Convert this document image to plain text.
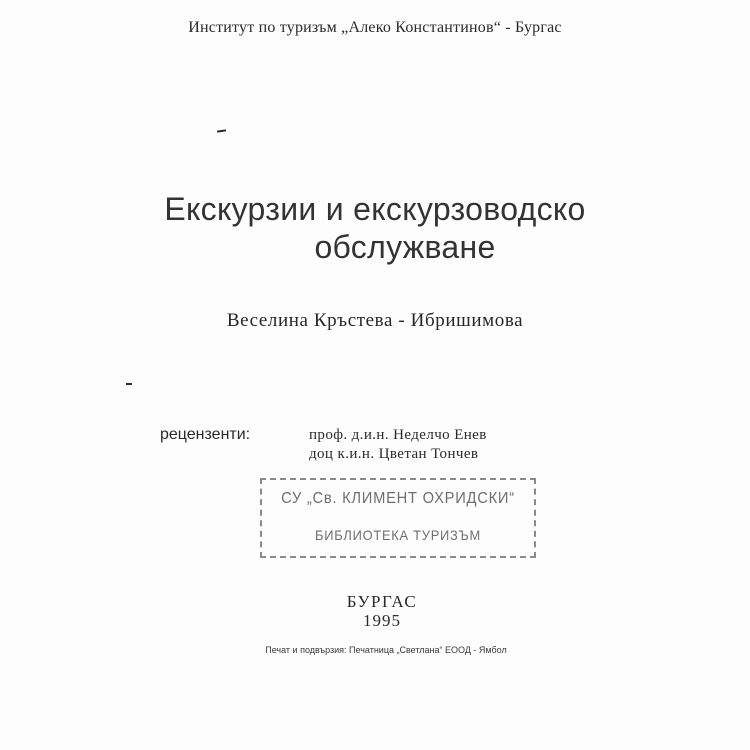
Институт по туризъм „Алеко Константинов“ - Бургас
Екскурзии и екскурзоводско
обслужване
Веселина Кръстева - Ибришимова
рецензенти:	проф. д.и.н. Неделчо Енев
доц к.и.н. Цветан Тончев
СУ „Св. КЛИМЕНТ ОХРИДСКИ“
БИБЛИОТЕКА ТУРИЗЪМ
БУРГАС
1995
Печат и подвързия: Печатница „Светлана“ ЕООД - Ямбол
